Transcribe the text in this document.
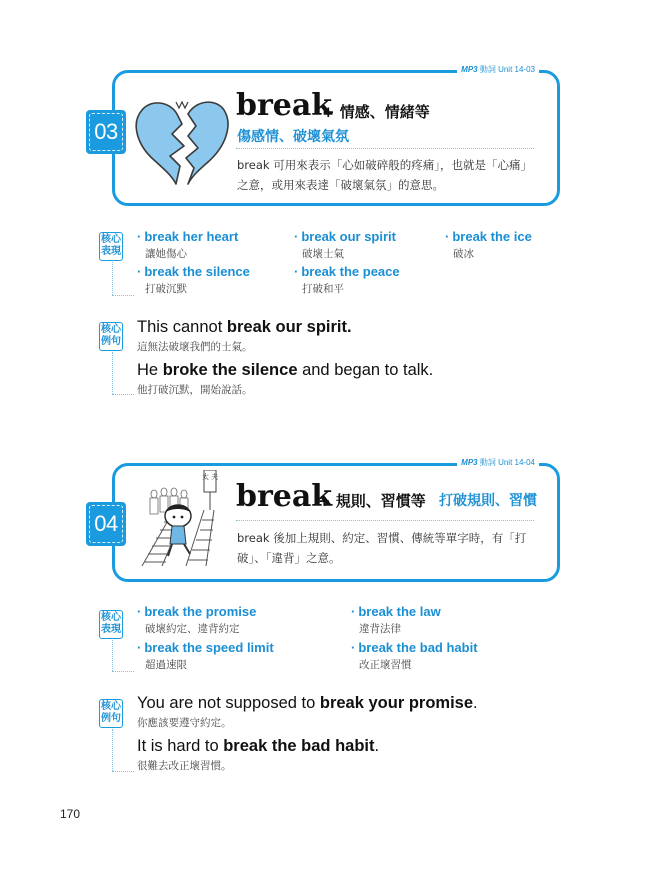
MP3 動詞 Unit 14-03
03
break
+ 情感、情緒等
傷感情、破壞氣氛
break 可用來表示「心如破碎般的疼痛」，也就是「心痛」
之意，或用來表達「破壞氣氛」的意思。
核心
表現
· break her heart
讓她傷心
· break our spirit
破壞士氣
· break the ice
破冰
· break the silence
打破沉默
· break the peace
打破和平
核心
例句
This cannot break our spirit.
這無法破壞我們的士氣。
He broke the silence and began to talk.
他打破沉默，開始說話。
MP3 動詞 Unit 14-04
04
太 夫
break
+ 規則、習慣等 打破規則、習慣
break 後加上規則、約定、習慣、傳統等單字時，有「打
破」、「違背」之意。
核心
表現
· break the promise
破壞約定、違背約定
· break the law
違背法律
· break the speed limit
超過速限
· break the bad habit
改正壞習慣
核心
例句
You are not supposed to break your promise.
你應該要遵守約定。
It is hard to break the bad habit.
很難去改正壞習慣。
170
